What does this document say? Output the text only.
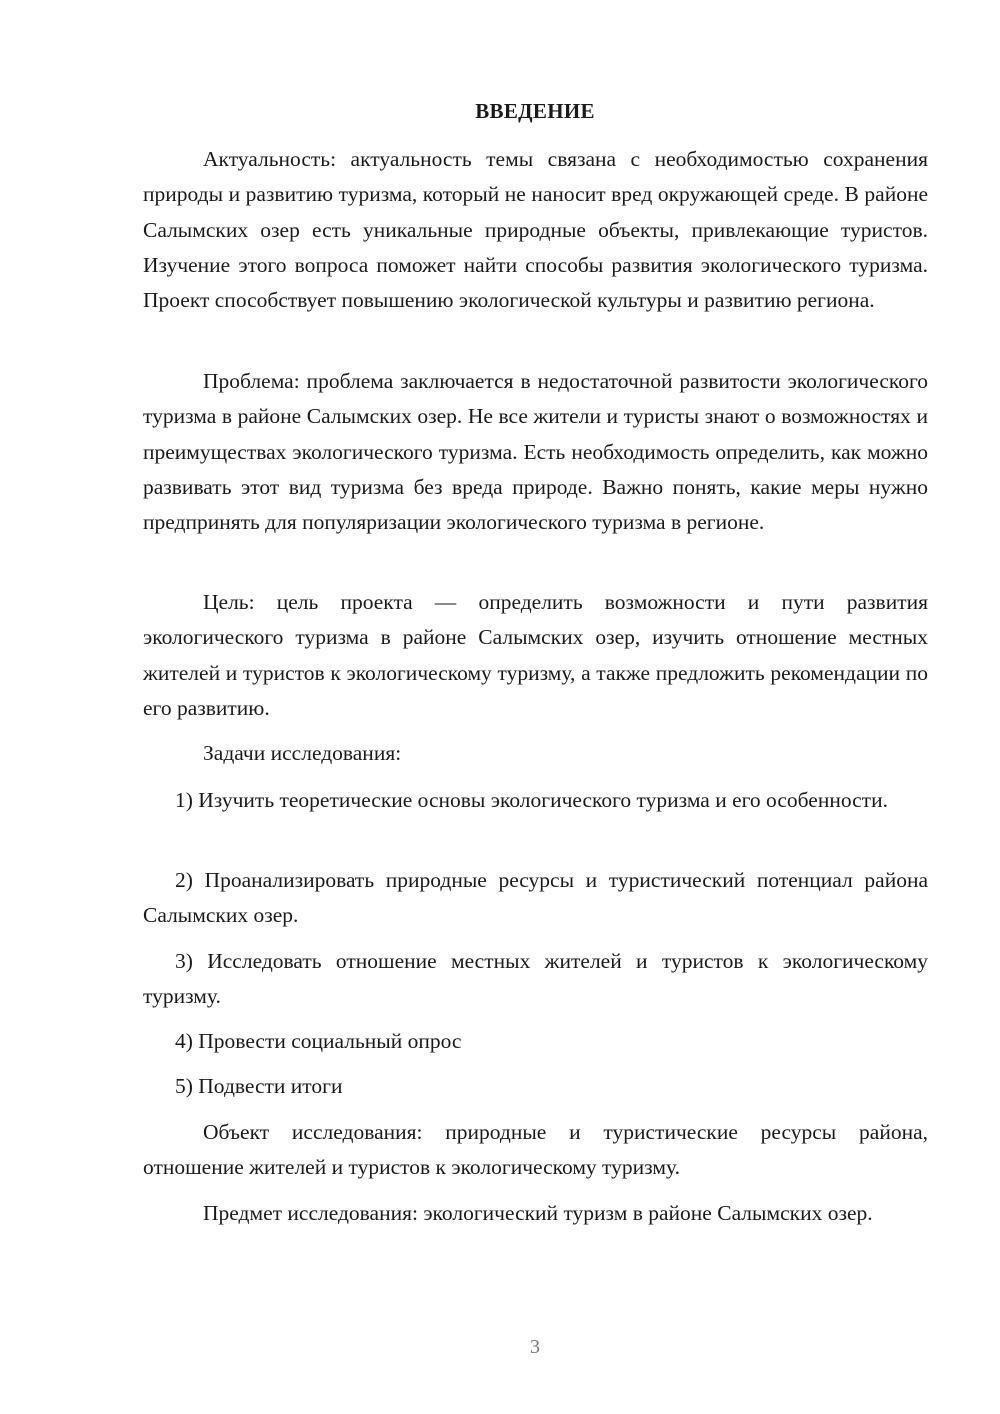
ВВЕДЕНИЕ

Актуальность: актуальность темы связана с необходимостью сохранения природы и развитию туризма, который не наносит вред окружающей среде. В районе Салымских озер есть уникальные природные объекты, привлекающие туристов. Изучение этого вопроса поможет найти способы развития экологического туризма. Проект способствует повышению экологической культуры и развитию региона.

Проблема: проблема заключается в недостаточной развитости экологического туризма в районе Салымских озер. Не все жители и туристы знают о возможностях и преимуществах экологического туризма. Есть необходимость определить, как можно развивать этот вид туризма без вреда природе. Важно понять, какие меры нужно предпринять для популяризации экологического туризма в регионе.

Цель: цель проекта — определить возможности и пути развития экологического туризма в районе Салымских озер, изучить отношение местных жителей и туристов к экологическому туризму, а также предложить рекомендации по его развитию.

Задачи исследования:

1) Изучить теоретические основы экологического туризма и его особенности.

2) Проанализировать природные ресурсы и туристический потенциал района Салымских озер.

3) Исследовать отношение местных жителей и туристов к экологическому туризму.

4) Провести социальный опрос

5) Подвести итоги

Объект исследования: природные и туристические ресурсы района, отношение жителей и туристов к экологическому туризму.

Предмет исследования: экологический туризм в районе Салымских озер.

3
